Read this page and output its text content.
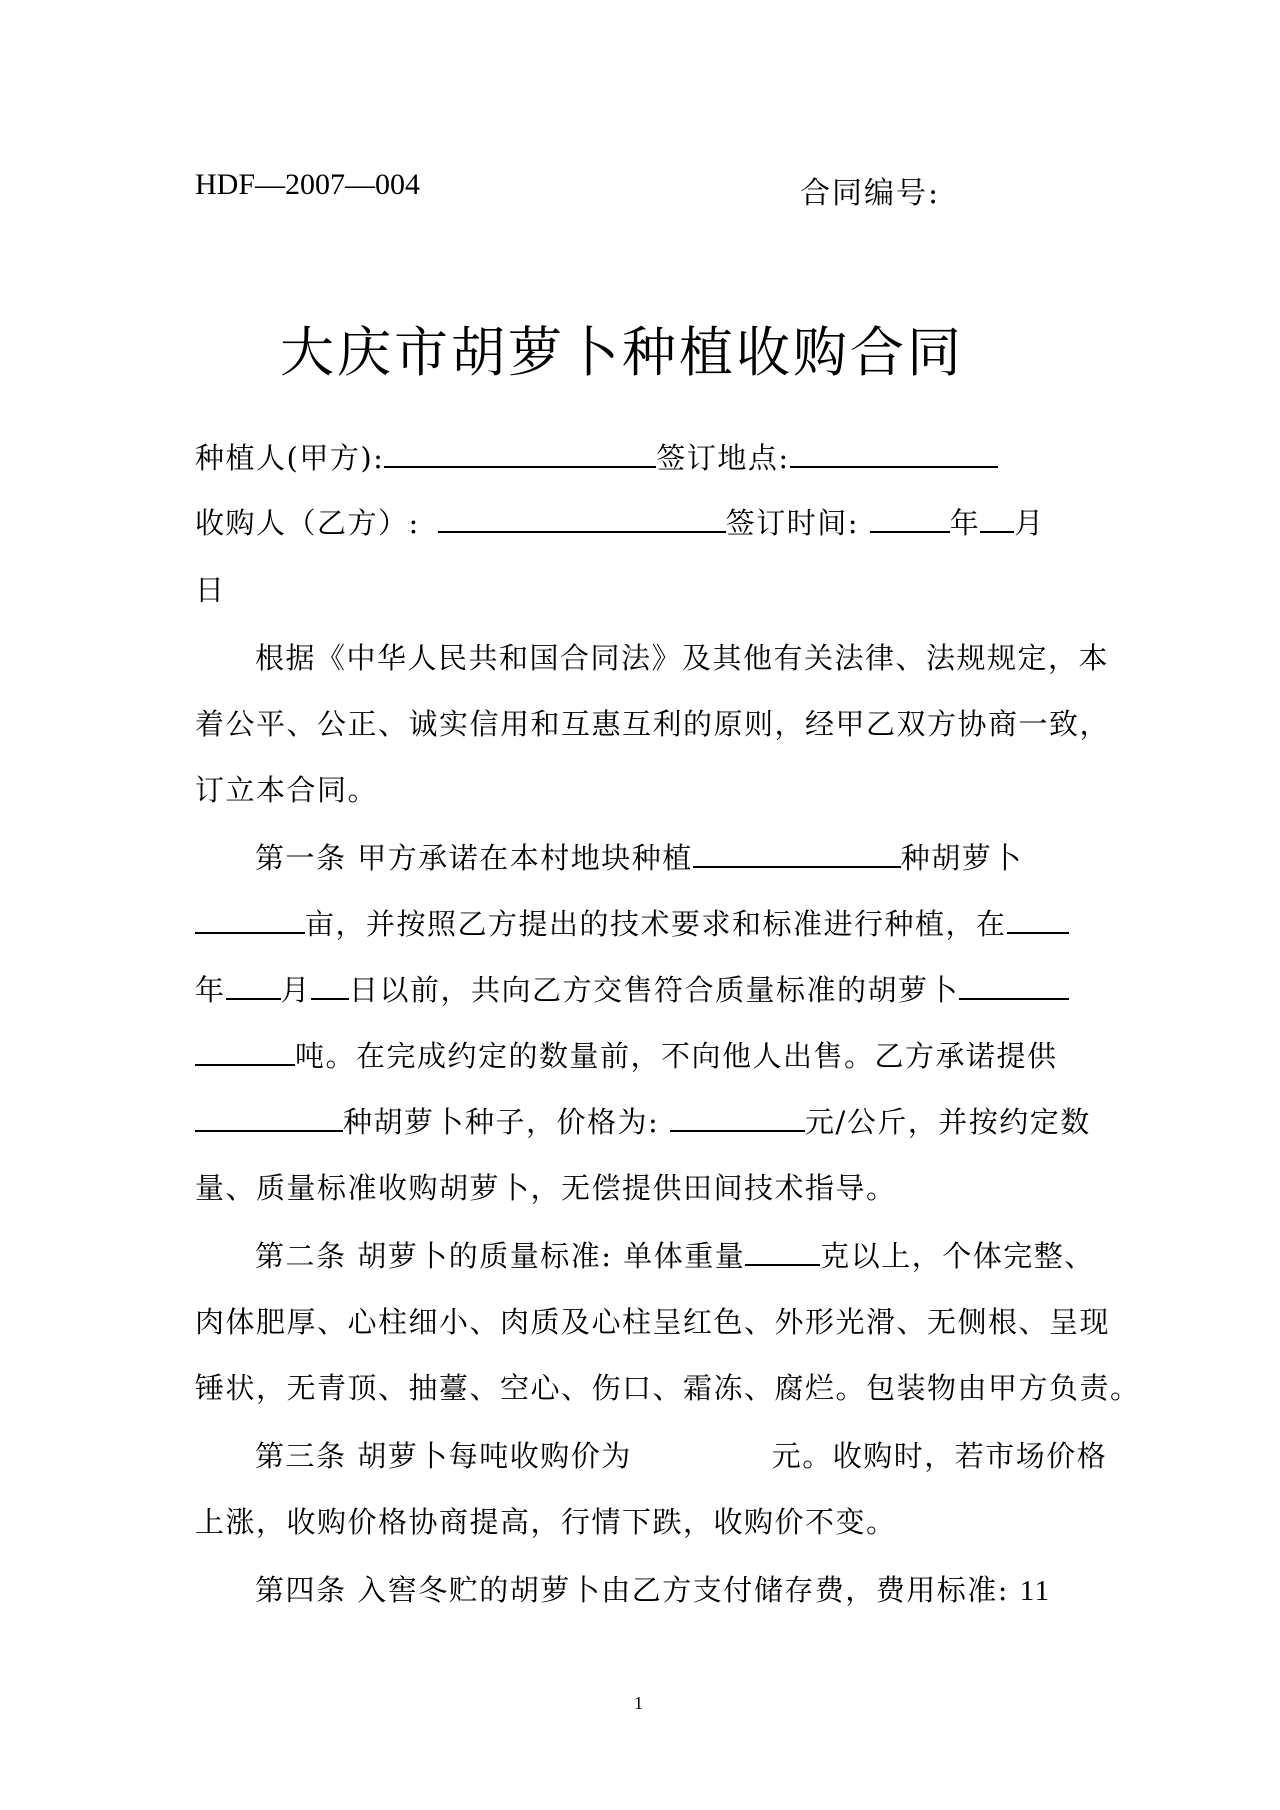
HDF—2007—004	合同编号:
大庆市胡萝卜种植收购合同
种植人(甲方):	签订地点:
收购人（乙方）:	签订时间:	年 月
日
根据《中华人民共和国合同法》及其他有关法律、法规规定，本
着公平、公正、诚实信用和互惠互利的原则，经甲乙双方协商一致，
订立本合同。
第一条 甲方承诺在本村地块种植	种胡萝卜
亩，并按照乙方提出的技术要求和标准进行种植，在
年 月 日以前，共向乙方交售符合质量标准的胡萝卜
吨。在完成约定的数量前，不向他人出售。乙方承诺提供
种胡萝卜种子，价格为:	元/公斤，并按约定数
量、质量标准收购胡萝卜，无偿提供田间技术指导。
第二条 胡萝卜的质量标准: 单体重量	克以上，个体完整、
肉体肥厚、心柱细小、肉质及心柱呈红色、外形光滑、无侧根、呈现
锤状，无青顶、抽薹、空心、伤口、霜冻、腐烂。包装物由甲方负责。
第三条 胡萝卜每吨收购价为	元。收购时，若市场价格
上涨，收购价格协商提高，行情下跌，收购价不变。
第四条 入窖冬贮的胡萝卜由乙方支付储存费，费用标准: 11
1
